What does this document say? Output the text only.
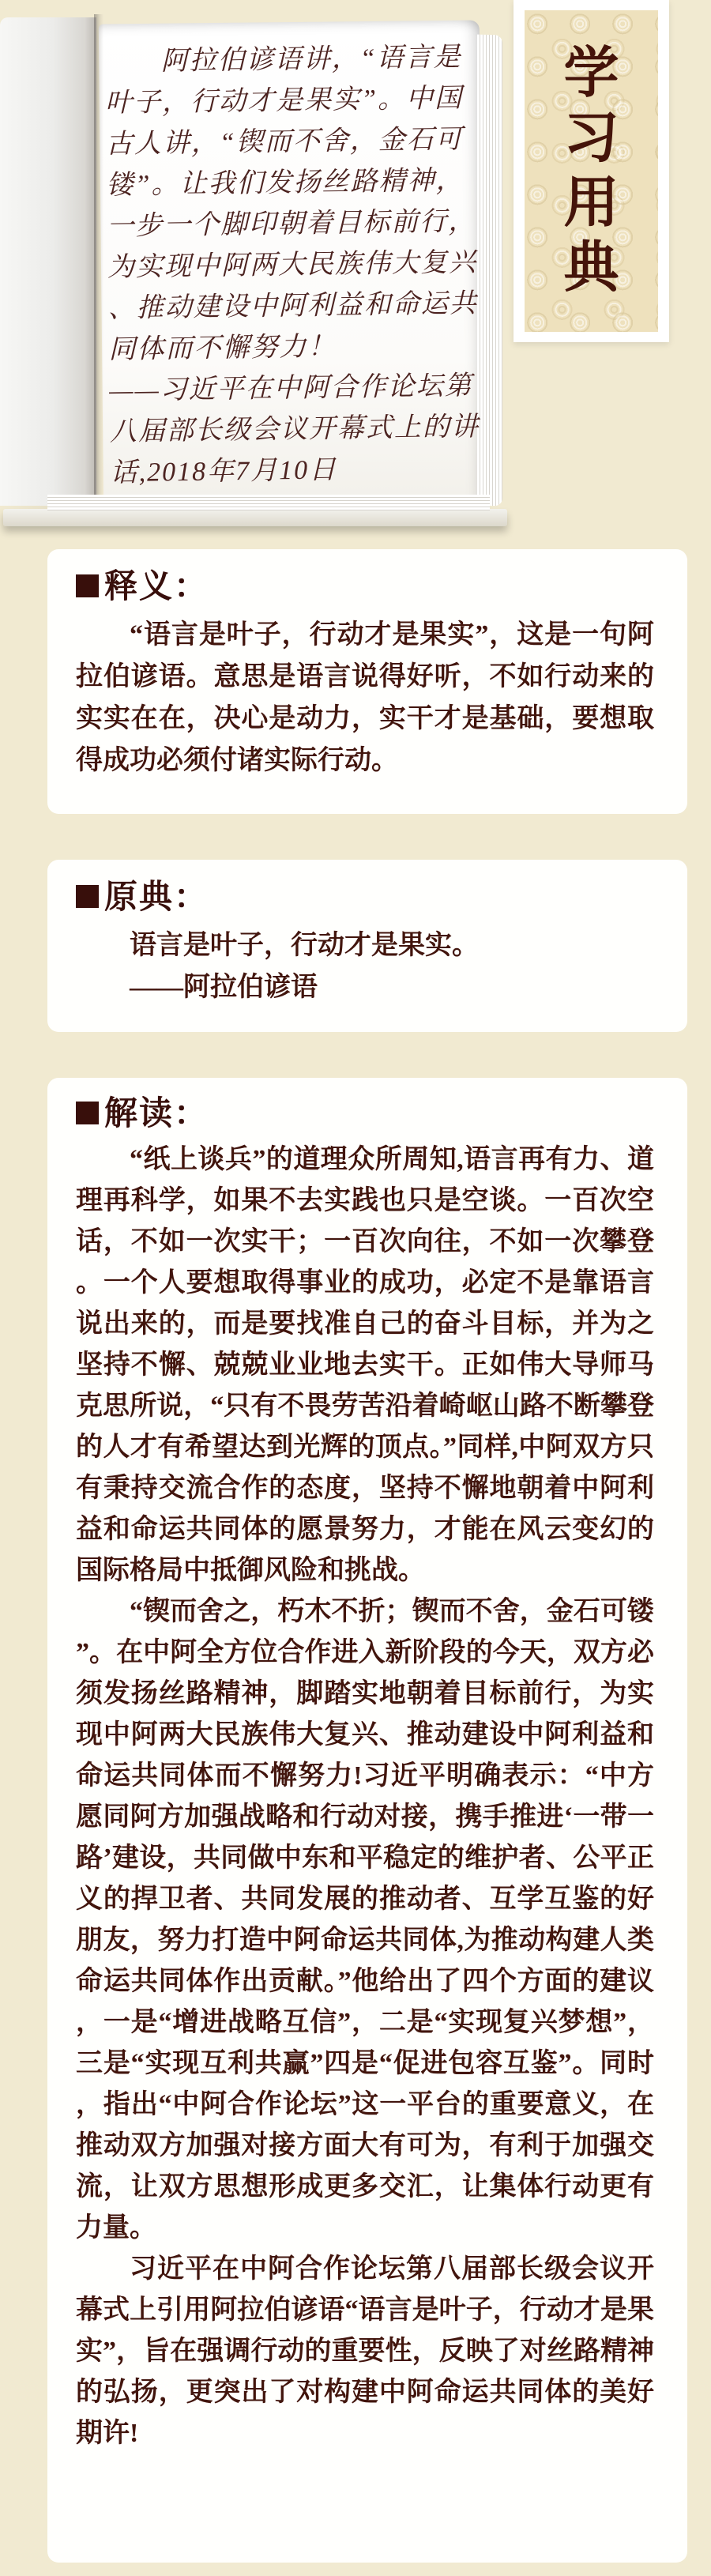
阿拉伯谚语讲，“语言是
叶子，行动才是果实”。中国
古人讲，“锲而不舍，金石可
镂”。让我们发扬丝路精神，
一步一个脚印朝着目标前行，
为实现中阿两大民族伟大复兴
、推动建设中阿利益和命运共
同体而不懈努力！
——习近平在中阿合作论坛第
八届部长级会议开幕式上的讲
话,2018年7月10日
学
习
用
典
释义：

“语言是叶子，行动才是果实”，这是一句阿拉伯谚语。意思是语言说得好听，不如行动来的实实在在，决心是动力，实干才是基础，要想取得成功必须付诸实际行动。

原典：
语言是叶子，行动才是果实。
——阿拉伯谚语
解读：

“纸上谈兵”的道理众所周知,语言再有力、道理再科学，如果不去实践也只是空谈。一百次空话，不如一次实干；一百次向往，不如一次攀登。一个人要想取得事业的成功，必定不是靠语言说出来的，而是要找准自己的奋斗目标，并为之坚持不懈、兢兢业业地去实干。正如伟大导师马克思所说，“只有不畏劳苦沿着崎岖山路不断攀登的人才有希望达到光辉的顶点。”同样,中阿双方只有秉持交流合作的态度，坚持不懈地朝着中阿利益和命运共同体的愿景努力，才能在风云变幻的国际格局中抵御风险和挑战。

“锲而舍之，朽木不折；锲而不舍，金石可镂”。在中阿全方位合作进入新阶段的今天，双方必须发扬丝路精神，脚踏实地朝着目标前行，为实现中阿两大民族伟大复兴、推动建设中阿利益和命运共同体而不懈努力!习近平明确表示：“中方愿同阿方加强战略和行动对接，携手推进‘一带一路’建设，共同做中东和平稳定的维护者、公平正义的捍卫者、共同发展的推动者、互学互鉴的好朋友，努力打造中阿命运共同体,为推动构建人类命运共同体作出贡献。”他给出了四个方面的建议，一是“增进战略互信”，二是“实现复兴梦想”，三是“实现互利共赢”四是“促进包容互鉴”。同时，指出“中阿合作论坛”这一平台的重要意义，在推动双方加强对接方面大有可为，有利于加强交流，让双方思想形成更多交汇，让集体行动更有力量。

习近平在中阿合作论坛第八届部长级会议开幕式上引用阿拉伯谚语“语言是叶子，行动才是果实”，旨在强调行动的重要性，反映了对丝路精神的弘扬，更突出了对构建中阿命运共同体的美好期许!
